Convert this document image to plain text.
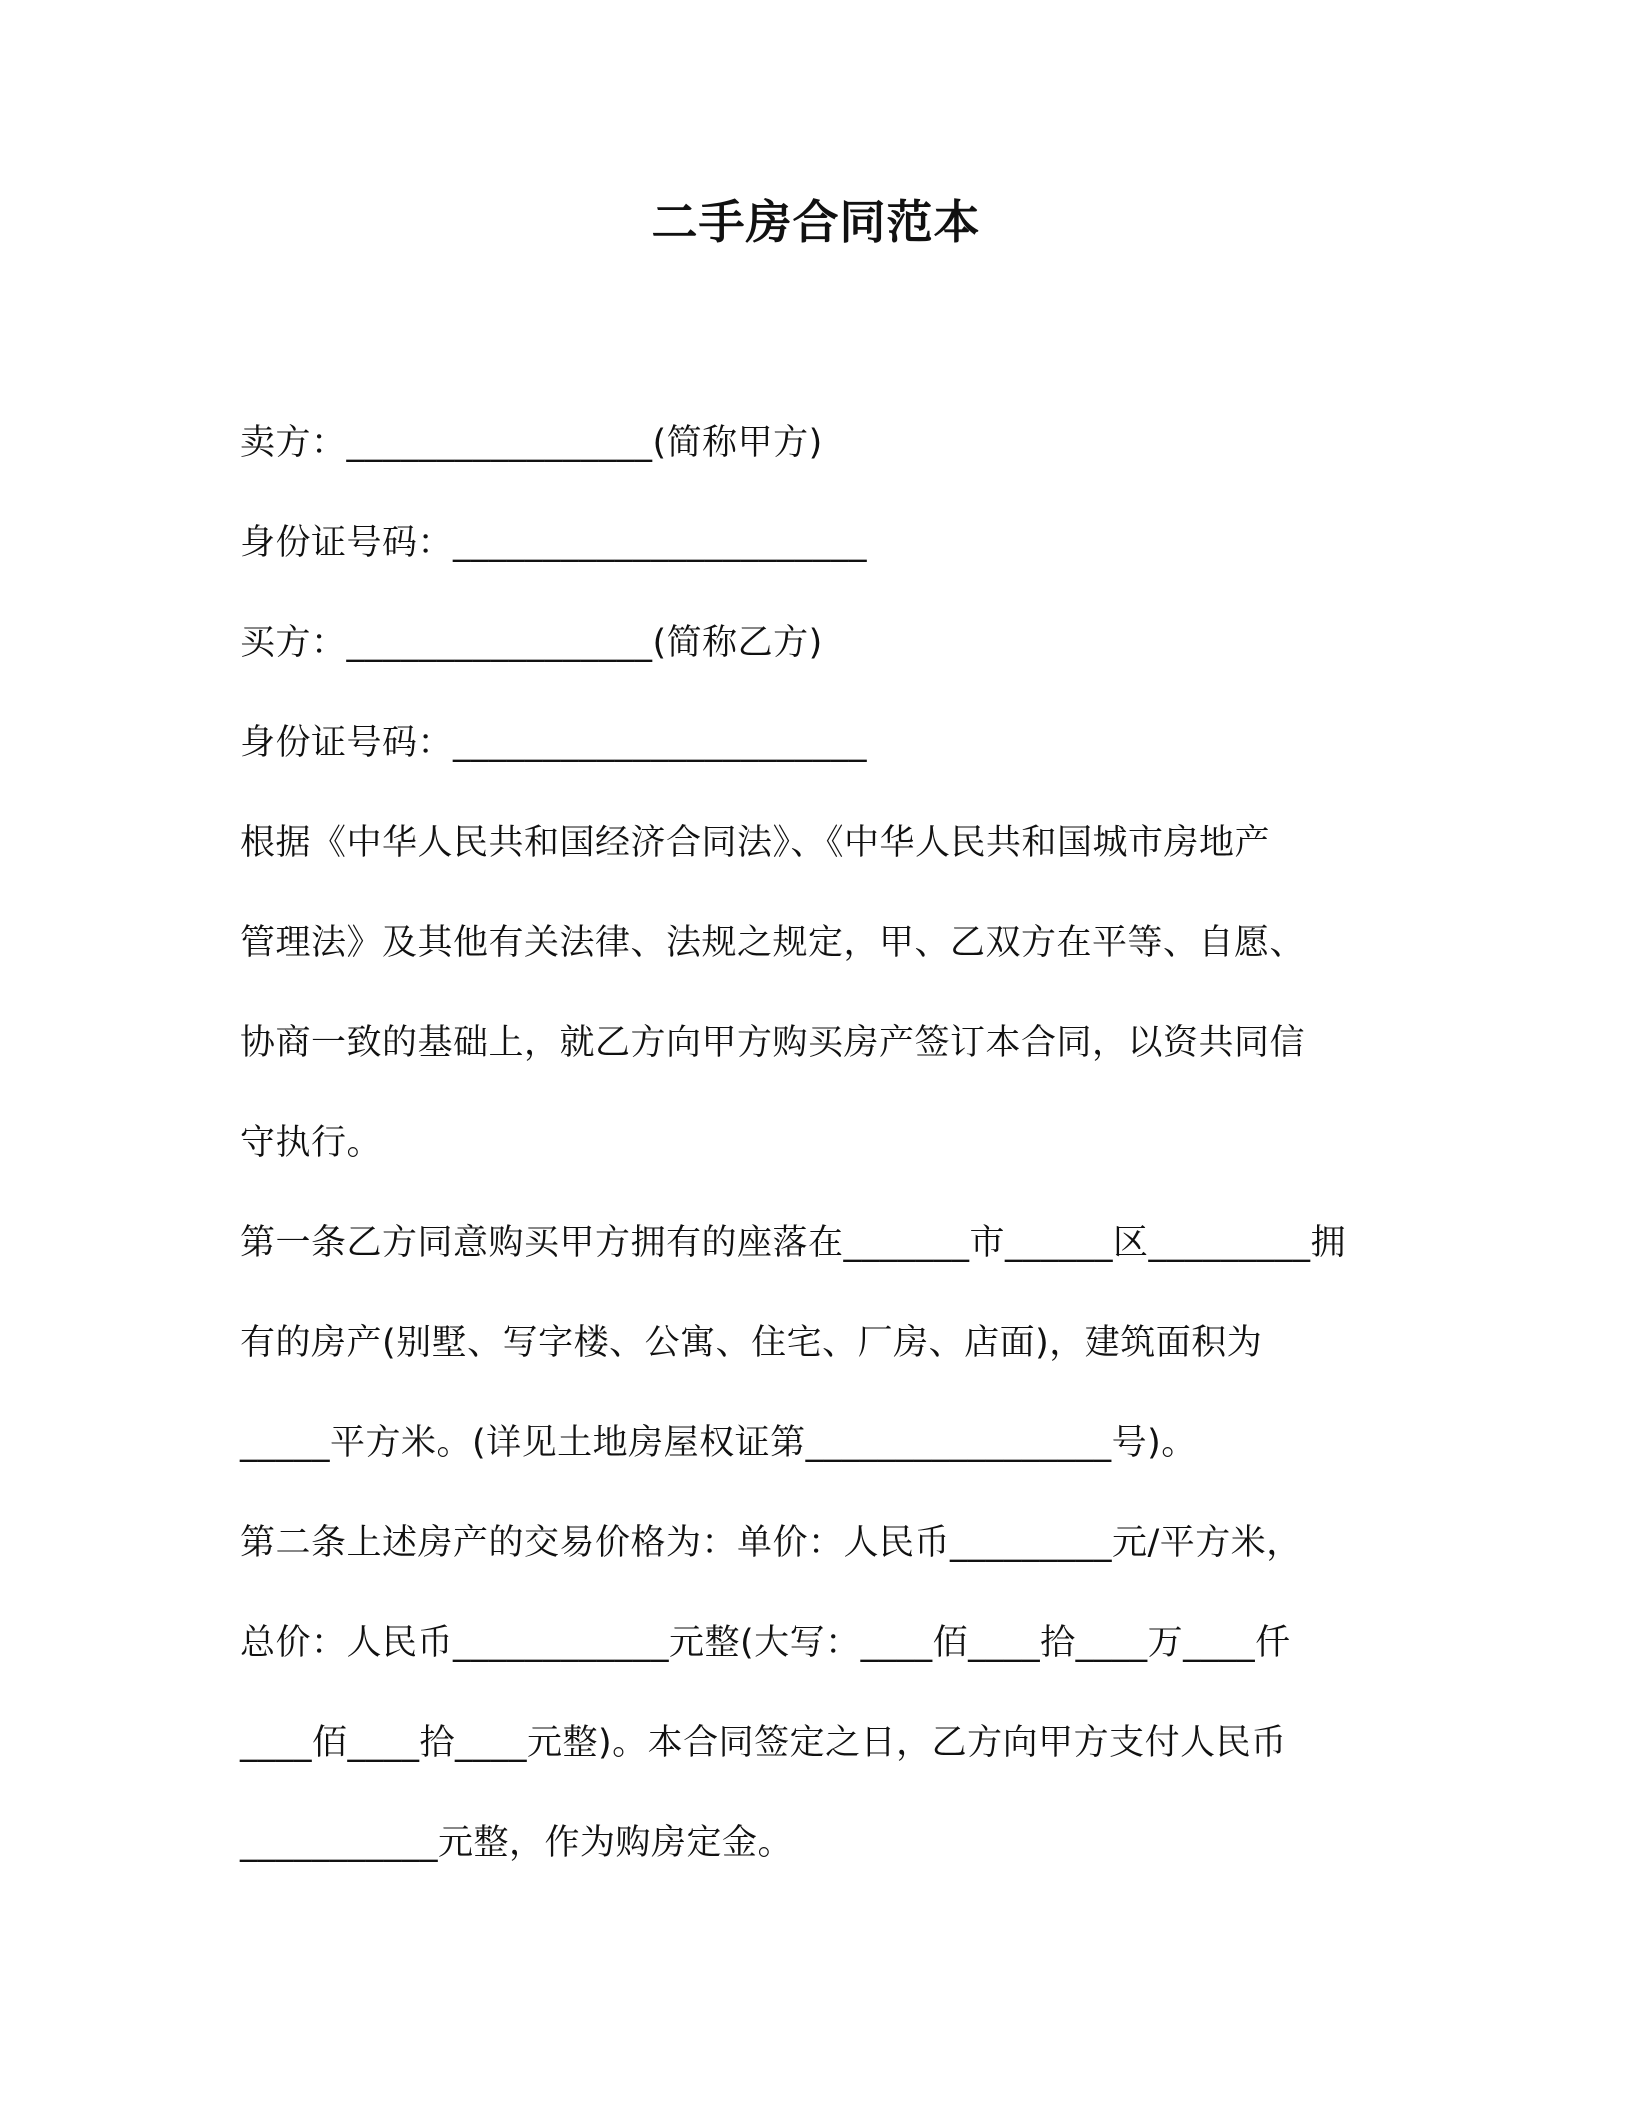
二手房合同范本
卖方：_________________(简称甲方)
身份证号码：_______________________
买方：_________________(简称乙方)
身份证号码：_______________________
根据《中华人民共和国经济合同法》、《中华人民共和国城市房地产
管理法》及其他有关法律、法规之规定，甲、乙双方在平等、自愿、
协商一致的基础上，就乙方向甲方购买房产签订本合同，以资共同信
守执行。
第一条乙方同意购买甲方拥有的座落在_______市______区_________拥
有的房产(别墅、写字楼、公寓、住宅、厂房、店面)，建筑面积为
_____平方米。(详见土地房屋权证第_________________号)。
第二条上述房产的交易价格为：单价：人民币_________元/平方米，
总价：人民币____________元整(大写：____佰____拾____万____仟
____佰____拾____元整)。本合同签定之日，乙方向甲方支付人民币
___________元整，作为购房定金。
